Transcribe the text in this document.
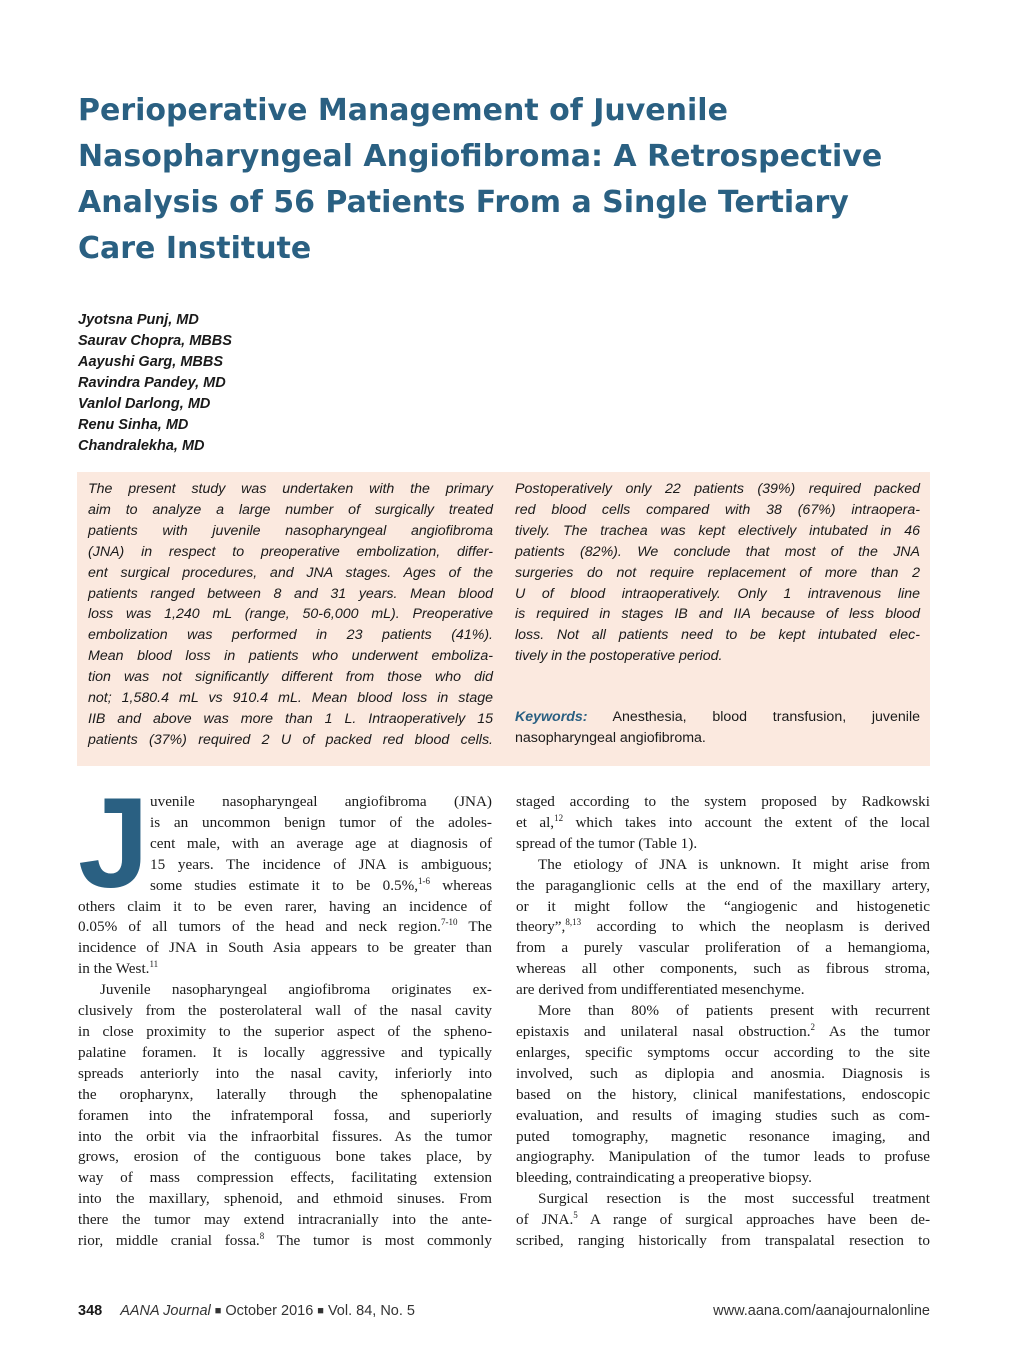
Perioperative Management of Juvenile
Nasopharyngeal Angiofibroma: A Retrospective
Analysis of 56 Patients From a Single Tertiary
Care Institute
Jyotsna Punj, MD
Saurav Chopra, MBBS
Aayushi Garg, MBBS
Ravindra Pandey, MD
Vanlol Darlong, MD
Renu Sinha, MD
Chandralekha, MD
The present study was undertaken with the primary
aim to analyze a large number of surgically treated
patients with juvenile nasopharyngeal angiofibroma
(JNA) in respect to preoperative embolization, differ-
ent surgical procedures, and JNA stages. Ages of the
patients ranged between 8 and 31 years. Mean blood
loss was 1,240 mL (range, 50-6,000 mL). Preoperative
embolization was performed in 23 patients (41%).
Mean blood loss in patients who underwent emboliza-
tion was not significantly different from those who did
not; 1,580.4 mL vs 910.4 mL. Mean blood loss in stage
IIB and above was more than 1 L. Intraoperatively 15
patients (37%) required 2 U of packed red blood cells.
Postoperatively only 22 patients (39%) required packed
red blood cells compared with 38 (67%) intraopera-
tively. The trachea was kept electively intubated in 46
patients (82%). We conclude that most of the JNA
surgeries do not require replacement of more than 2
U of blood intraoperatively. Only 1 intravenous line
is required in stages IB and IIA because of less blood
loss. Not all patients need to be kept intubated elec-
tively in the postoperative period.
Keywords: Anesthesia, blood transfusion, juvenile
nasopharyngeal angiofibroma.
J uvenile nasopharyngeal angiofibroma (JNA)
is an uncommon benign tumor of the adoles-
cent male, with an average age at diagnosis of
15 years. The incidence of JNA is ambiguous;
some studies estimate it to be 0.5%,$^{1-6}$ whereas
others claim it to be even rarer, having an incidence of
0.05% of all tumors of the head and neck region.$^{7-10}$ The
incidence of JNA in South Asia appears to be greater than
in the West.$^{11}$
Juvenile nasopharyngeal angiofibroma originates ex-
clusively from the posterolateral wall of the nasal cavity
in close proximity to the superior aspect of the spheno-
palatine foramen. It is locally aggressive and typically
spreads anteriorly into the nasal cavity, inferiorly into
the oropharynx, laterally through the sphenopalatine
foramen into the infratemporal fossa, and superiorly
into the orbit via the infraorbital fissures. As the tumor
grows, erosion of the contiguous bone takes place, by
way of mass compression effects, facilitating extension
into the maxillary, sphenoid, and ethmoid sinuses. From
there the tumor may extend intracranially into the ante-
rior, middle cranial fossa.$^8$ The tumor is most commonly
staged according to the system proposed by Radkowski
et al,$^{12}$ which takes into account the extent of the local
spread of the tumor (Table 1).
The etiology of JNA is unknown. It might arise from
the paraganglionic cells at the end of the maxillary artery,
or it might follow the “angiogenic and histogenetic
theory”,$^{8,13}$ according to which the neoplasm is derived
from a purely vascular proliferation of a hemangioma,
whereas all other components, such as fibrous stroma,
are derived from undifferentiated mesenchyme.
More than 80% of patients present with recurrent
epistaxis and unilateral nasal obstruction.$^2$ As the tumor
enlarges, specific symptoms occur according to the site
involved, such as diplopia and anosmia. Diagnosis is
based on the history, clinical manifestations, endoscopic
evaluation, and results of imaging studies such as com-
puted tomography, magnetic resonance imaging, and
angiography. Manipulation of the tumor leads to profuse
bleeding, contraindicating a preoperative biopsy.
Surgical resection is the most successful treatment
of JNA.$^5$ A range of surgical approaches have been de-
scribed, ranging historically from transpalatal resection to
348 AANA Journal ■ October 2016 ■ Vol. 84, No. 5	www.aana.com/aanajournalonline
